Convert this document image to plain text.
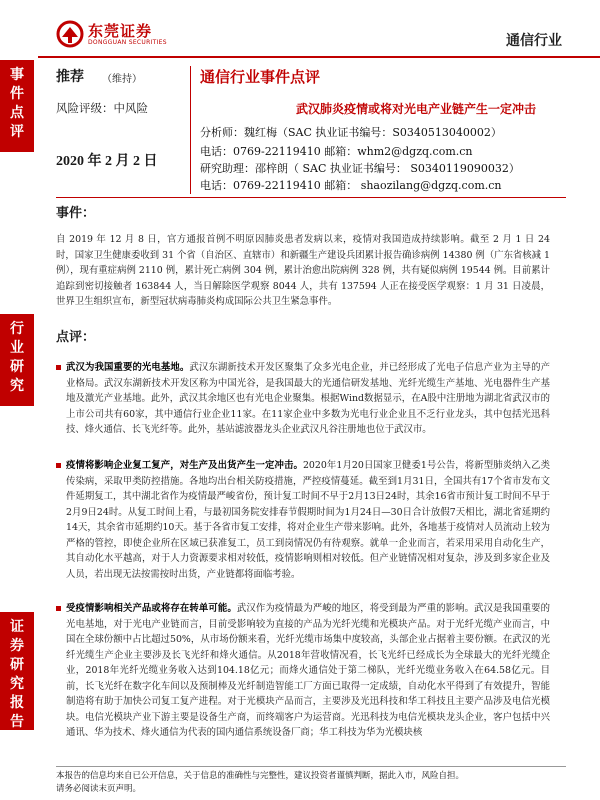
事
件
点
评
行
业
研
究
证
券
研
究
报
告
东莞证券
DONGGUAN SECURITIES	通信行业
推荐 （维持）	通信行业事件点评
风险评级：中风险	武汉肺炎疫情或将对光电产业链产生一定冲击
2020 年 2 月 2 日
分析师：魏红梅（SAC 执业证书编号：S0340513040002）
电话：0769-22119410 邮箱：whm2@dgzq.com.cn
研究助理：邵梓朗（ SAC 执业证书编号： S0340119090032）
电话：0769-22119410 邮箱： shaozilang@dgzq.com.cn
事件：
自 2019 年 12 月 8 日，官方通报首例不明原因肺炎患者发病以来，疫情对我国造成持续影响。截至 2 月 1 日 24 时，国家卫生健康委收到 31 个省（自治区、直辖市）和新疆生产建设兵团累计报告确诊病例 14380 例（广东省核减 1 例），现有重症病例 2110 例，累计死亡病例 304 例，累计治愈出院病例 328 例，共有疑似病例 19544 例。目前累计追踪到密切接触者 163844 人，当日解除医学观察 8044 人，共有 137594 人正在接受医学观察：1 月 31 日凌晨，世界卫生组织宣布，新型冠状病毒肺炎构成国际公共卫生紧急事件。
点评：
武汉为我国重要的光电基地。武汉东湖新技术开发区聚集了众多光电企业，并已经形成了光电子信息产业为主导的产业格局。武汉东湖新技术开发区称为中国光谷，是我国最大的光通信研发基地、光纤光缆生产基地、光电器件生产基地及激光产业基地。此外，武汉其余地区也有光电企业聚集。根据Wind数据显示，在A股中注册地为湖北省武汉市的上市公司共有60家，其中通信行业企业11家。在11家企业中多数为光电行业企业且不乏行业龙头，其中包括光迅科技、烽火通信、长飞光纤等。此外，基站滤波器龙头企业武汉凡谷注册地也位于武汉市。
疫情将影响企业复工复产，对生产及出货产生一定冲击。2020年1月20日国家卫健委1号公告，将新型肺炎纳入乙类传染病，采取甲类防控措施。各地均出台相关防疫措施，严控疫情蔓延。截至到1月31日，全国共有17个省市发布文件延期复工，其中湖北省作为疫情最严峻省份，预计复工时间不早于2月13日24时，其余16省市预计复工时间不早于2月9日24时。从复工时间上看，与最初国务院安排春节假期时间为1月24日—30日合计放假7天相比，湖北省延期约14天，其余省市延期约10天。基于各省市复工安排，将对企业生产带来影响。此外，各地基于疫情对人员流动上较为严格的管控，即使企业所在区域已获准复工，员工到岗情况仍有待观察。就单一企业而言，若采用采用自动化生产，其自动化水平越高，对于人力资源要求相对较低，疫情影响则相对较低。但产业链情况相对复杂，涉及到多家企业及人员，若出现无法按需按时出货，产业链都将面临考验。
受疫情影响相关产品或将存在转单可能。武汉作为疫情最为严峻的地区，将受到最为严重的影响。武汉是我国重要的光电基地，对于光电产业链而言，目前受影响较为直接的产品为光纤光缆和光模块产品。对于光纤光缆产业而言，中国在全球份额中占比超过50%，从市场份额来看，光纤光缆市场集中度较高，头部企业占据着主要份额。在武汉的光纤光缆生产企业主要涉及长飞光纤和烽火通信。从2018年营收情况看，长飞光纤已经成长为全球最大的光纤光缆企业，2018年光纤光缆业务收入达到104.18亿元；而烽火通信处于第二梯队，光纤光缆业务收入在64.58亿元。目前，长飞光纤在数字化车间以及预制棒及光纤制造智能工厂方面已取得一定成绩，自动化水平得到了有效提升，智能制造将有助于加快公司复工复产进程。对于光模块产品而言，主要涉及光迅科技和华工科技且主要产品涉及电信光模块。电信光模块产业下游主要是设备生产商，而终端客户为运营商。光迅科技为电信光模块龙头企业，客户包括中兴通讯、华为技术、烽火通信为代表的国内通信系统设备厂商；华工科技为华为光模块核
本报告的信息均来自已公开信息，关于信息的准确性与完整性，建议投资者谨慎判断，据此入市，风险自担。
请务必阅读末页声明。
